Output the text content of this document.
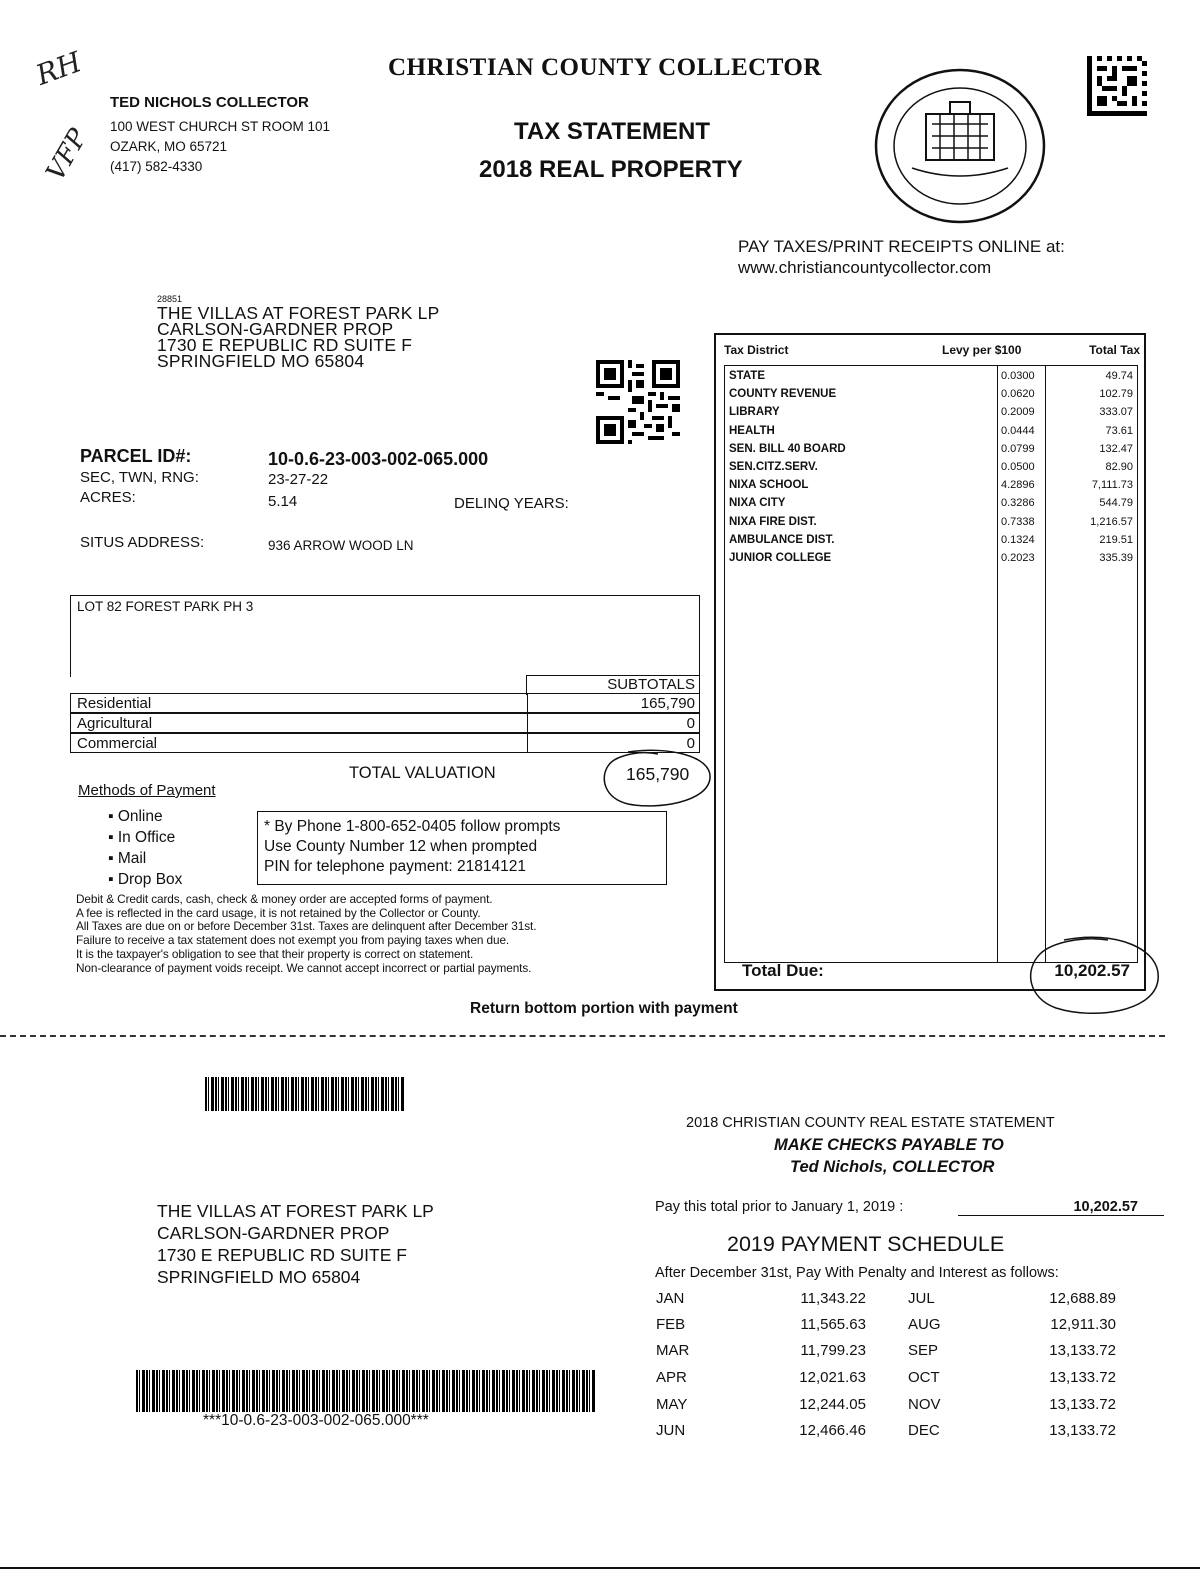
RH
VFP
CHRISTIAN COUNTY COLLECTOR
TED NICHOLS COLLECTOR
100 WEST CHURCH ST ROOM 101
OZARK, MO 65721
(417) 582-4330
TAX STATEMENT
2018 REAL PROPERTY
PAY TAXES/PRINT RECEIPTS ONLINE at:
www.christiancountycollector.com
28851
THE VILLAS AT FOREST PARK LP
CARLSON-GARDNER PROP
1730 E REPUBLIC RD SUITE F
SPRINGFIELD MO 65804
PARCEL ID#:	10-0.6-23-003-002-065.000
SEC, TWN, RNG:	23-27-22
ACRES:	5.14	DELINQ YEARS:
SITUS ADDRESS:	936 ARROW WOOD LN
LOT 82 FOREST PARK PH 3
SUBTOTALS
Residential	165,790
Agricultural	0
Commercial	0
TOTAL VALUATION	165,790
Methods of Payment
▪ Online
▪ In Office
▪ Mail
▪ Drop Box
* By Phone 1-800-652-0405 follow prompts
Use County Number 12 when prompted
PIN for telephone payment: 21814121
Debit & Credit cards, cash, check & money order are accepted forms of payment.
A fee is reflected in the card usage, it is not retained by the Collector or County.
All Taxes are due on or before December 31st. Taxes are delinquent after December 31st.
Failure to receive a tax statement does not exempt you from paying taxes when due.
It is the taxpayer's obligation to see that their property is correct on statement.
Non-clearance of payment voids receipt. We cannot accept incorrect or partial payments.
Return bottom portion with payment
Tax District	Levy per $100	Total Tax
STATE	0.0300	49.74
COUNTY REVENUE	0.0620	102.79
LIBRARY	0.2009	333.07
HEALTH	0.0444	73.61
SEN. BILL 40 BOARD	0.0799	132.47
SEN.CITZ.SERV.	0.0500	82.90
NIXA SCHOOL	4.2896	7,111.73
NIXA CITY	0.3286	544.79
NIXA FIRE DIST.	0.7338	1,216.57
AMBULANCE DIST.	0.1324	219.51
JUNIOR COLLEGE	0.2023	335.39
Total Due:	10,202.57
2018 CHRISTIAN COUNTY REAL ESTATE STATEMENT
MAKE CHECKS PAYABLE TO
Ted Nichols, COLLECTOR
THE VILLAS AT FOREST PARK LP
CARLSON-GARDNER PROP
1730 E REPUBLIC RD SUITE F
SPRINGFIELD MO 65804
Pay this total prior to January 1, 2019 :	10,202.57
2019 PAYMENT SCHEDULE
After December 31st, Pay With Penalty and Interest as follows:
JAN	11,343.22
FEB	11,565.63
MAR	11,799.23
APR	12,021.63
MAY	12,244.05
JUN	12,466.46
JUL	12,688.89
AUG	12,911.30
SEP	13,133.72
OCT	13,133.72
NOV	13,133.72
DEC	13,133.72
***10-0.6-23-003-002-065.000***
